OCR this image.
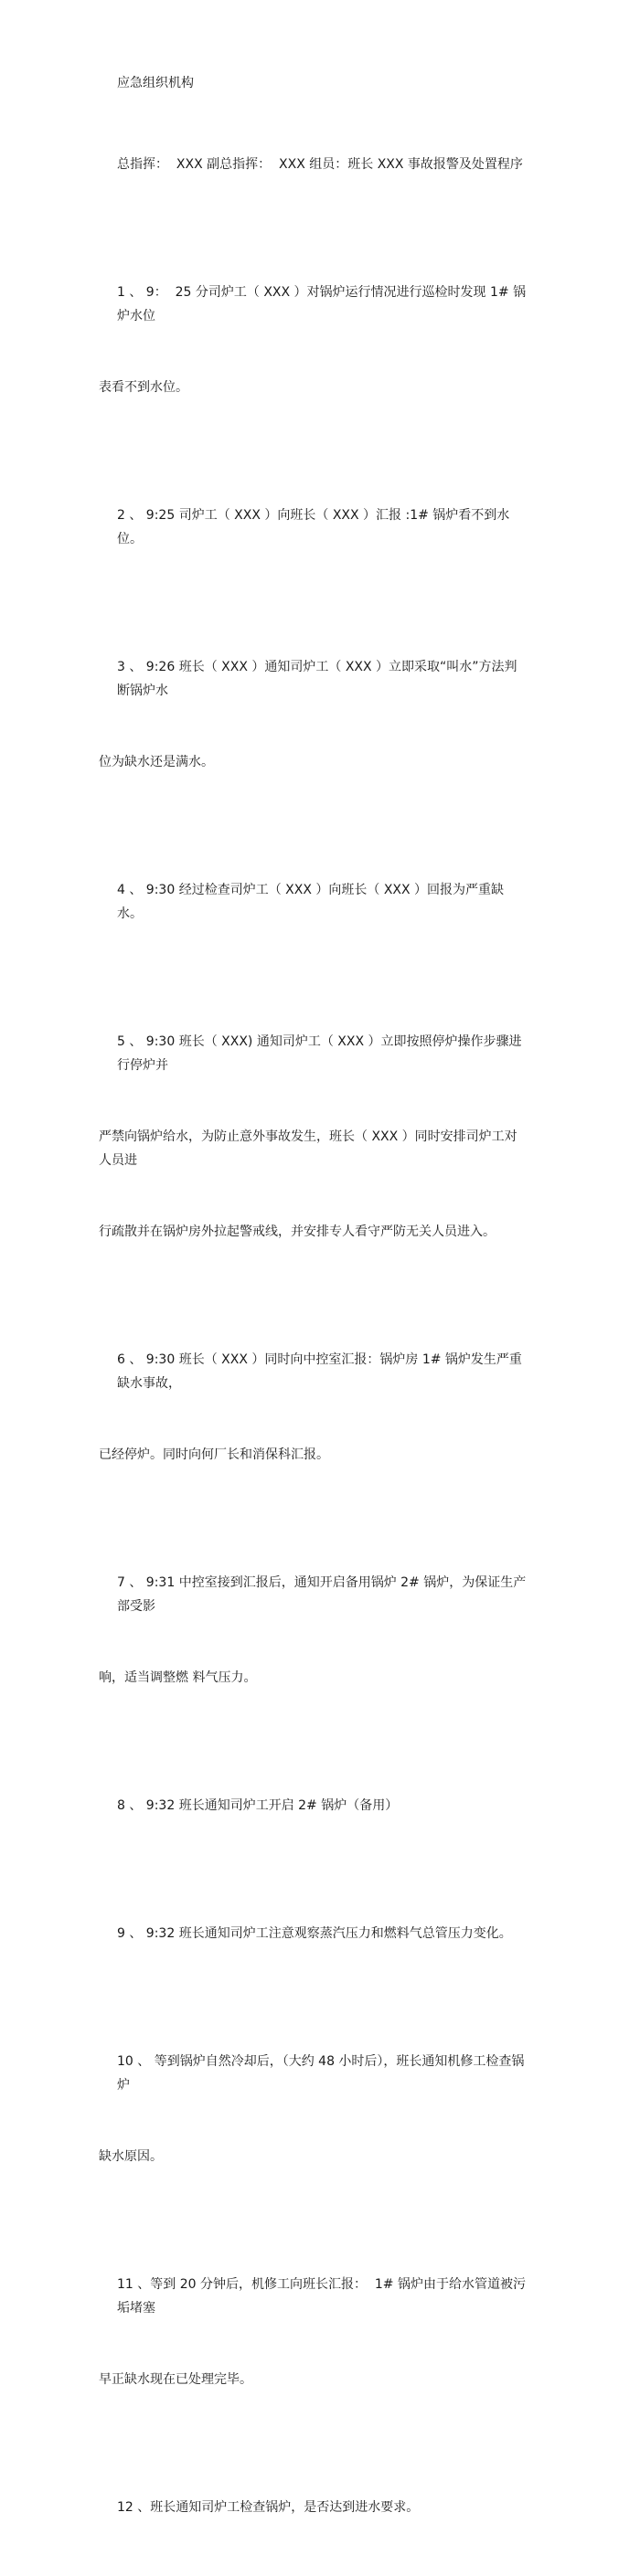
应急组织机构

总指挥：  XXX 副总指挥：  XXX 组员：班长 XXX 事故报警及处置程序

1 、 9：  25 分司炉工（ XXX ）对锅炉运行情况进行巡检时发现 1# 锅炉水位

表看不到水位。

2 、 9:25 司炉工（ XXX ）向班长（ XXX ）汇报 :1# 锅炉看不到水位。

3 、 9:26 班长（ XXX ）通知司炉工（ XXX ）立即采取“叫水”方法判断锅炉水

位为缺水还是满水。

4 、 9:30 经过检查司炉工（ XXX ）向班长（ XXX ）回报为严重缺水。

5 、 9:30 班长（ XXX) 通知司炉工（ XXX ）立即按照停炉操作步骤进行停炉并

严禁向锅炉给水，为防止意外事故发生，班长（ XXX ）同时安排司炉工对人员进

行疏散并在锅炉房外拉起警戒线，并安排专人看守严防无关人员进入。

6 、 9:30 班长（ XXX ）同时向中控室汇报：锅炉房 1# 锅炉发生严重缺水事故，

已经停炉。同时向何厂长和消保科汇报。

7 、 9:31 中控室接到汇报后，通知开启备用锅炉 2# 锅炉，为保证生产部受影

响，适当调整燃 料气压力。

8 、 9:32 班长通知司炉工开启 2# 锅炉（备用）

9 、 9:32 班长通知司炉工注意观察蒸汽压力和燃料气总管压力变化。

10 、 等到锅炉自然冷却后，（大约 48 小时后），班长通知机修工检查锅炉

缺水原因。

11 、等到 20 分钟后，机修工向班长汇报：  1# 锅炉由于给水管道被污垢堵塞

早正缺水现在已处理完毕。

12 、班长通知司炉工检查锅炉，是否达到进水要求。
